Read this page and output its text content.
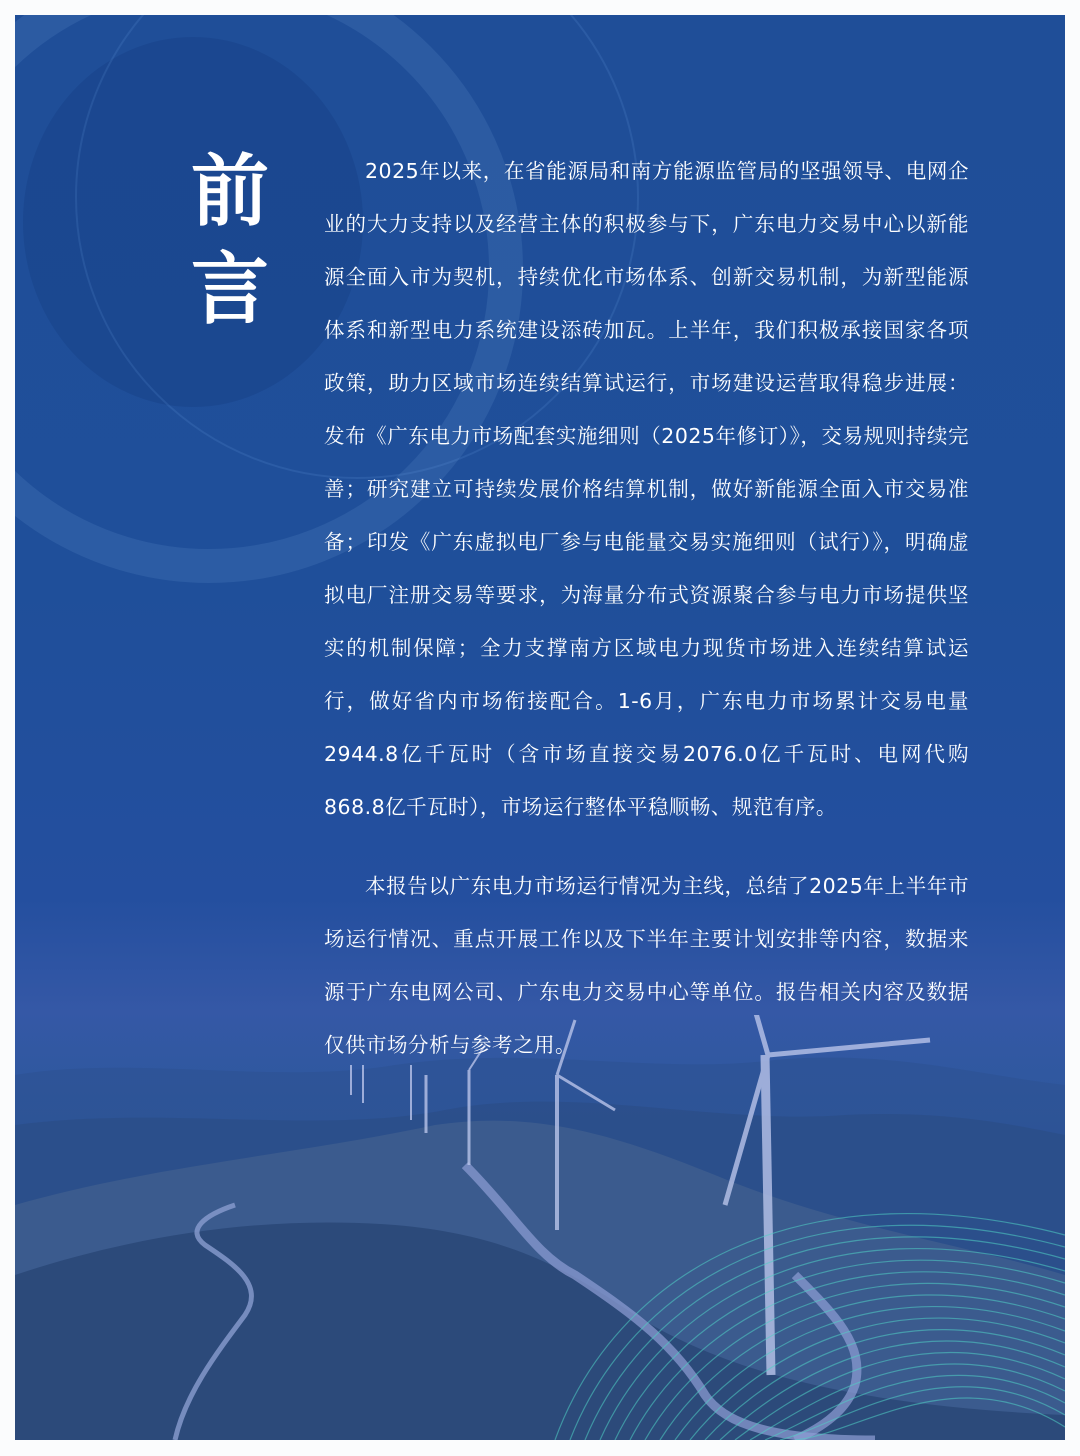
前
言

2025年以来，在省能源局和南方能源监管局的坚强领导、电网企业的大力支持以及经营主体的积极参与下，广东电力交易中心以新能源全面入市为契机，持续优化市场体系、创新交易机制，为新型能源体系和新型电力系统建设添砖加瓦。上半年，我们积极承接国家各项政策，助力区域市场连续结算试运行，市场建设运营取得稳步进展：发布《广东电力市场配套实施细则（2025年修订）》，交易规则持续完善；研究建立可持续发展价格结算机制，做好新能源全面入市交易准备；印发《广东虚拟电厂参与电能量交易实施细则（试行）》，明确虚拟电厂注册交易等要求，为海量分布式资源聚合参与电力市场提供坚实的机制保障；全力支撑南方区域电力现货市场进入连续结算试运行，做好省内市场衔接配合。1-6月，广东电力市场累计交易电量2944.8亿千瓦时（含市场直接交易2076.0亿千瓦时、电网代购868.8亿千瓦时），市场运行整体平稳顺畅、规范有序。

本报告以广东电力市场运行情况为主线，总结了2025年上半年市场运行情况、重点开展工作以及下半年主要计划安排等内容，数据来源于广东电网公司、广东电力交易中心等单位。报告相关内容及数据仅供市场分析与参考之用。
